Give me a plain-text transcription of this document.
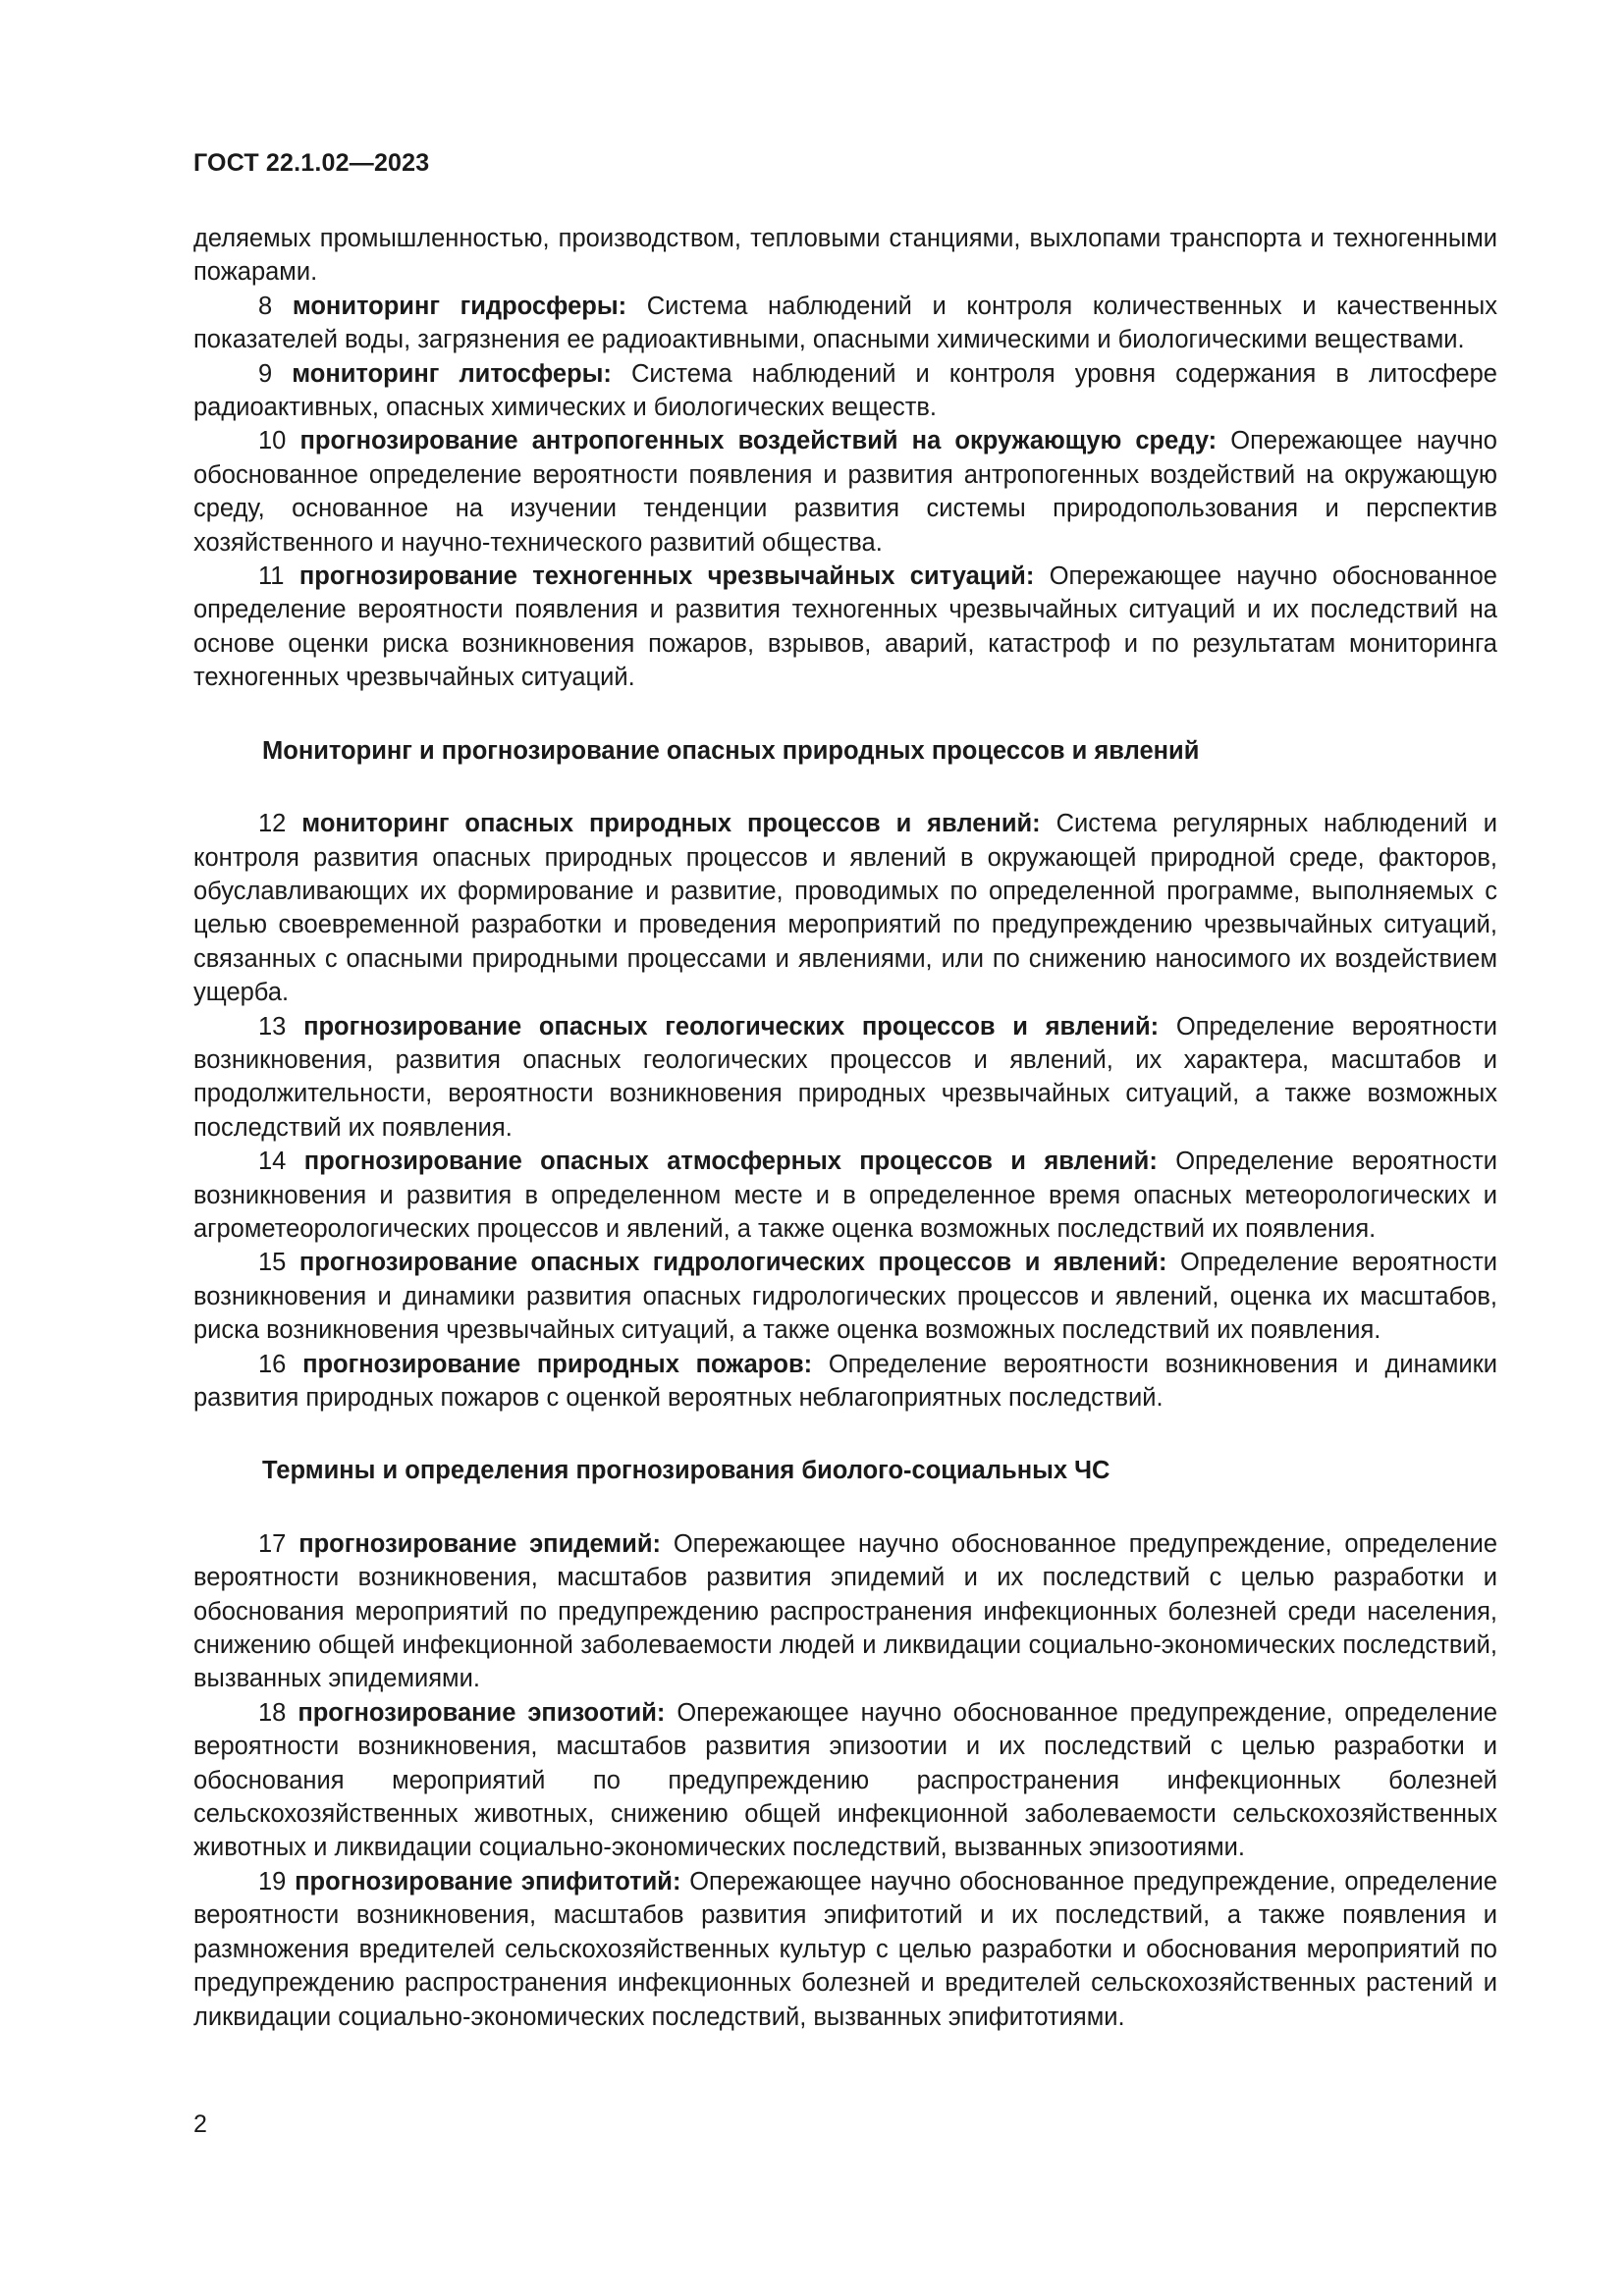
ГОСТ 22.1.02—2023

деляемых промышленностью, производством, тепловыми станциями, выхлопами транспорта и техногенными пожарами.

8 мониторинг гидросферы: Система наблюдений и контроля количественных и качественных показателей воды, загрязнения ее радиоактивными, опасными химическими и биологическими веществами.

9 мониторинг литосферы: Система наблюдений и контроля уровня содержания в литосфере радиоактивных, опасных химических и биологических веществ.

10 прогнозирование антропогенных воздействий на окружающую среду: Опережающее научно обоснованное определение вероятности появления и развития антропогенных воздействий на окружающую среду, основанное на изучении тенденции развития системы природопользования и перспектив хозяйственного и научно-технического развитий общества.

11 прогнозирование техногенных чрезвычайных ситуаций: Опережающее научно обоснованное определение вероятности появления и развития техногенных чрезвычайных ситуаций и их последствий на основе оценки риска возникновения пожаров, взрывов, аварий, катастроф и по результатам мониторинга техногенных чрезвычайных ситуаций.

Мониторинг и прогнозирование опасных природных процессов и явлений

12 мониторинг опасных природных процессов и явлений: Система регулярных наблюдений и контроля развития опасных природных процессов и явлений в окружающей природной среде, факторов, обуславливающих их формирование и развитие, проводимых по определенной программе, выполняемых с целью своевременной разработки и проведения мероприятий по предупреждению чрезвычайных ситуаций, связанных с опасными природными процессами и явлениями, или по снижению наносимого их воздействием ущерба.

13 прогнозирование опасных геологических процессов и явлений: Определение вероятности возникновения, развития опасных геологических процессов и явлений, их характера, масштабов и продолжительности, вероятности возникновения природных чрезвычайных ситуаций, а также возможных последствий их появления.

14 прогнозирование опасных атмосферных процессов и явлений: Определение вероятности возникновения и развития в определенном месте и в определенное время опасных метеорологических и агрометеорологических процессов и явлений, а также оценка возможных последствий их появления.

15 прогнозирование опасных гидрологических процессов и явлений: Определение вероятности возникновения и динамики развития опасных гидрологических процессов и явлений, оценка их масштабов, риска возникновения чрезвычайных ситуаций, а также оценка возможных последствий их появления.

16 прогнозирование природных пожаров: Определение вероятности возникновения и динамики развития природных пожаров с оценкой вероятных неблагоприятных последствий.

Термины и определения прогнозирования биолого-социальных ЧС

17 прогнозирование эпидемий: Опережающее научно обоснованное предупреждение, определение вероятности возникновения, масштабов развития эпидемий и их последствий с целью разработки и обоснования мероприятий по предупреждению распространения инфекционных болезней среди населения, снижению общей инфекционной заболеваемости людей и ликвидации социально-экономических последствий, вызванных эпидемиями.

18 прогнозирование эпизоотий: Опережающее научно обоснованное предупреждение, определение вероятности возникновения, масштабов развития эпизоотии и их последствий с целью разработки и обоснования мероприятий по предупреждению распространения инфекционных болезней сельскохозяйственных животных, снижению общей инфекционной заболеваемости сельскохозяйственных животных и ликвидации социально-экономических последствий, вызванных эпизоотиями.

19 прогнозирование эпифитотий: Опережающее научно обоснованное предупреждение, определение вероятности возникновения, масштабов развития эпифитотий и их последствий, а также появления и размножения вредителей сельскохозяйственных культур с целью разработки и обоснования мероприятий по предупреждению распространения инфекционных болезней и вредителей сельскохозяйственных растений и ликвидации социально-экономических последствий, вызванных эпифитотиями.

2
